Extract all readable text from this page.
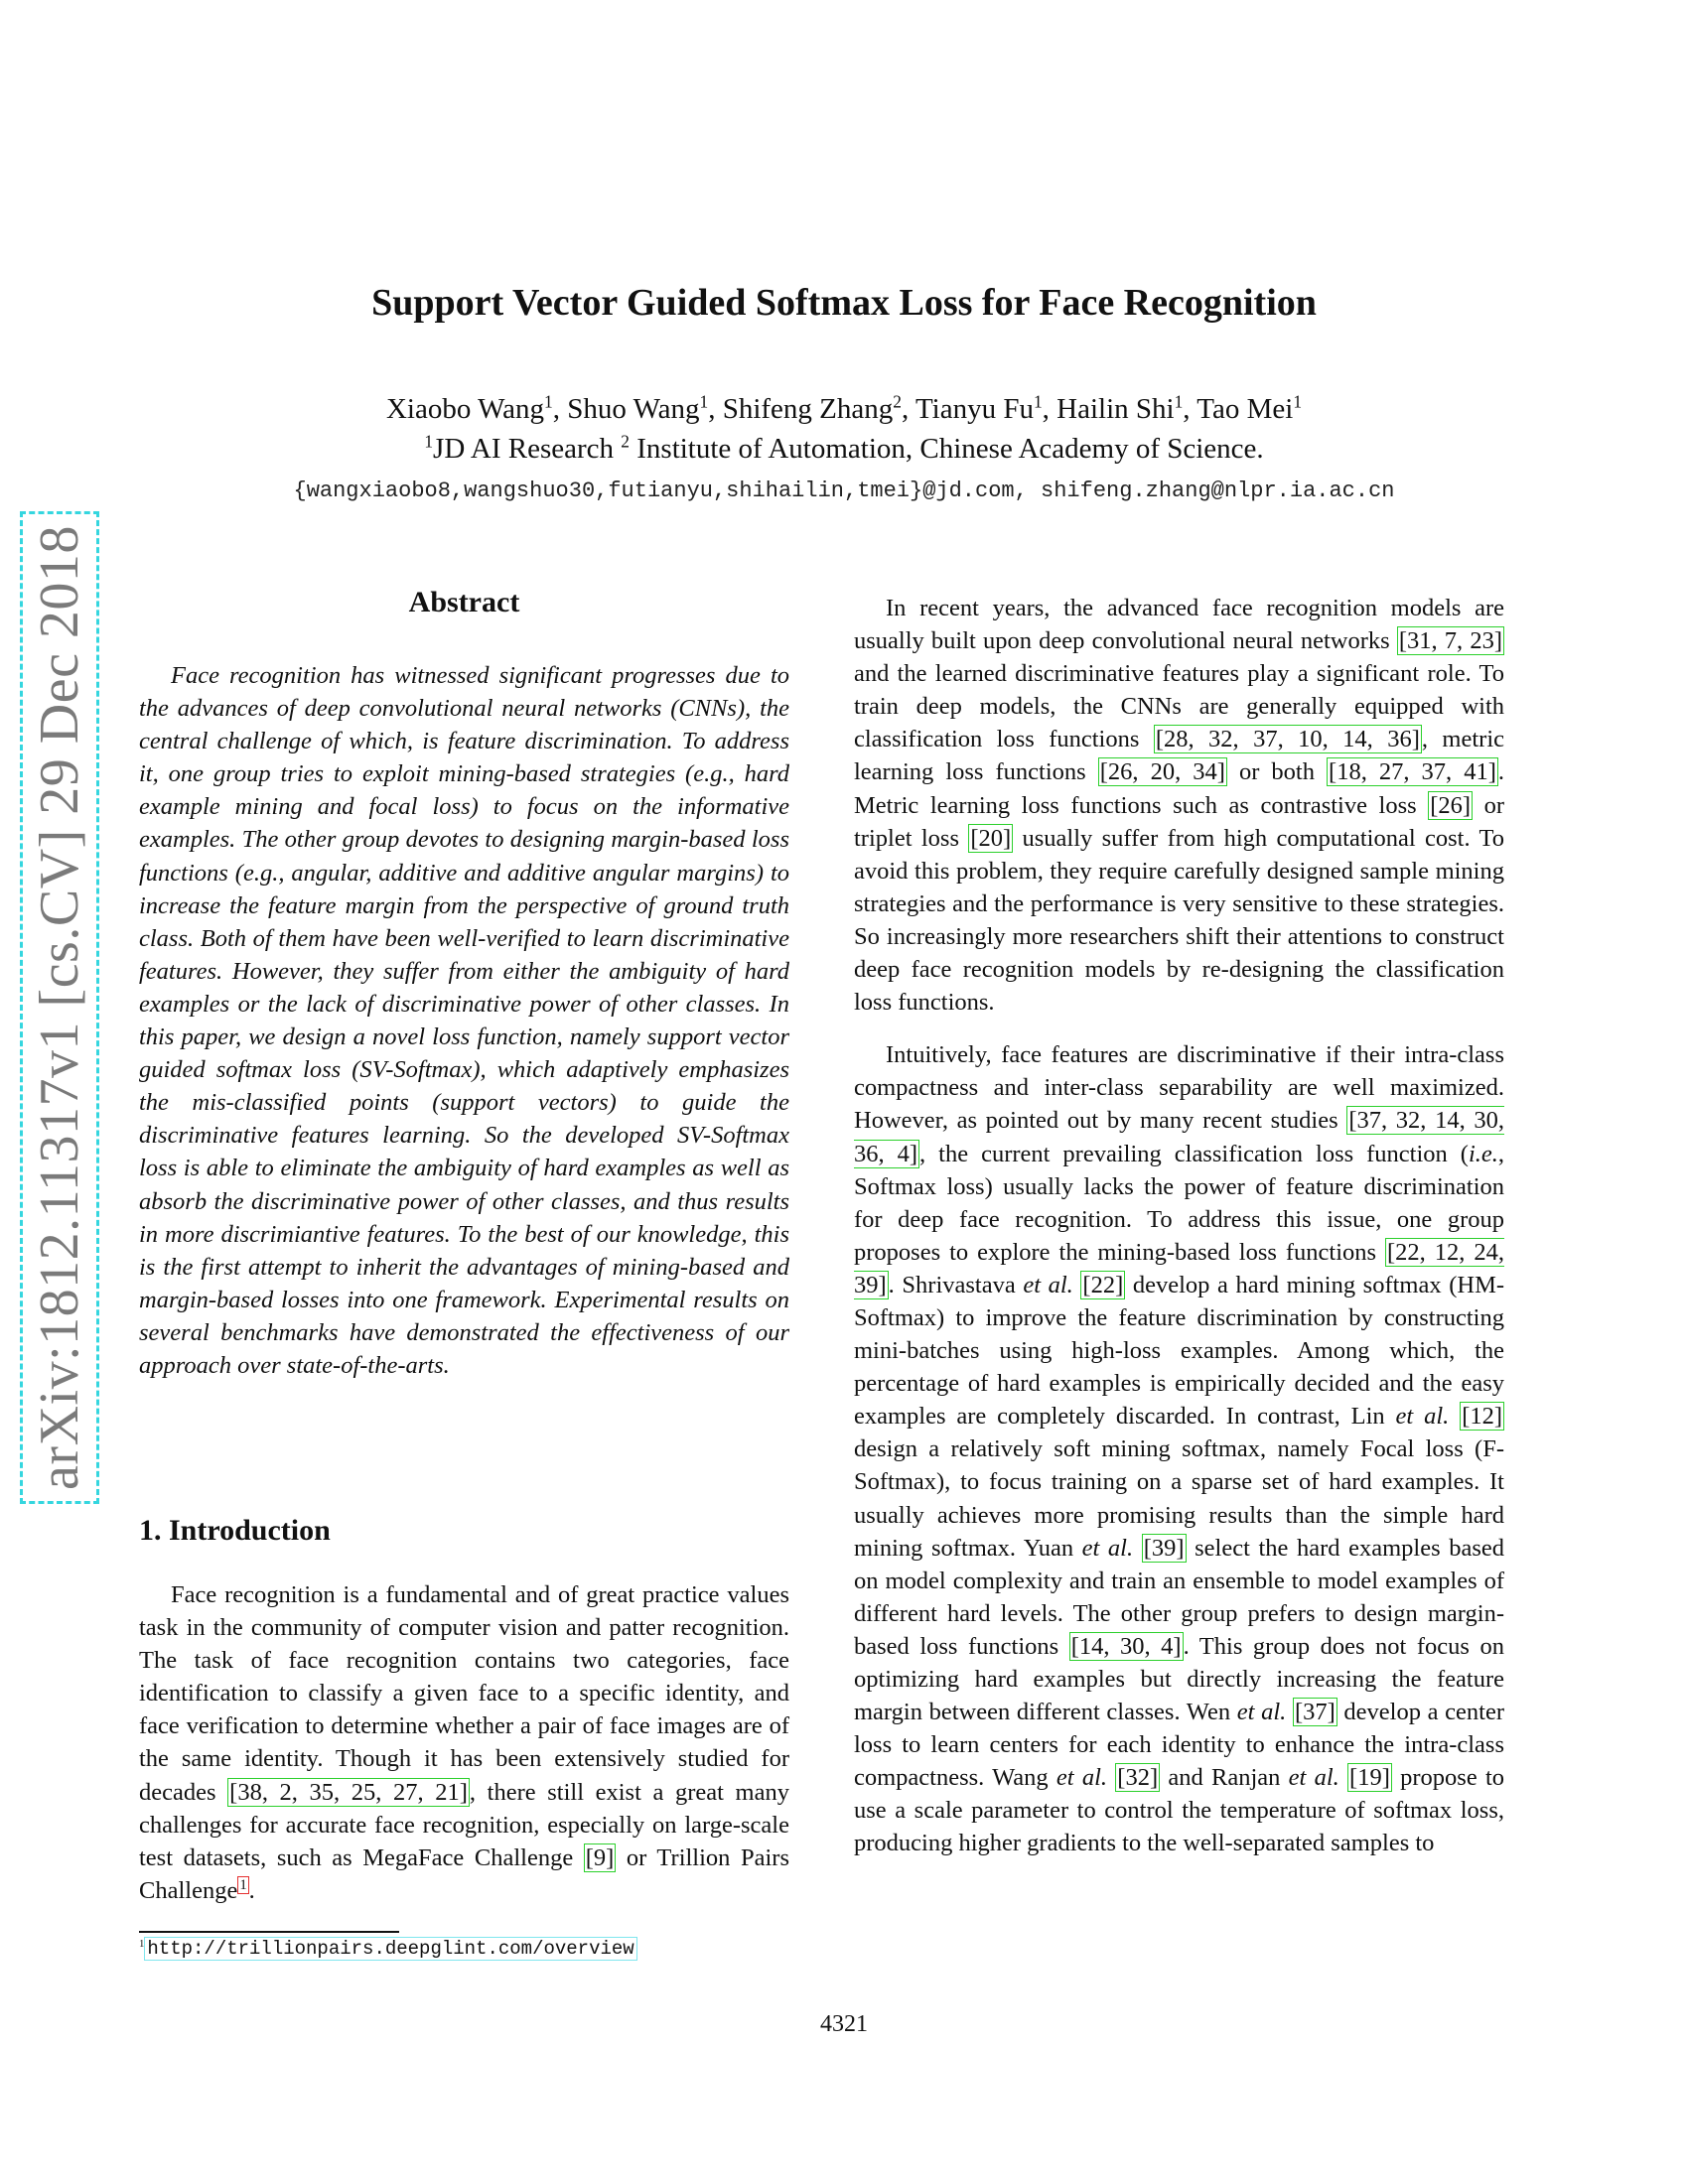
arXiv:1812.11317v1 [cs.CV] 29 Dec 2018
Support Vector Guided Softmax Loss for Face Recognition
Xiaobo Wang$^1$, Shuo Wang$^1$, Shifeng Zhang$^2$, Tianyu Fu$^1$, Hailin Shi$^1$, Tao Mei$^1$
$^1$JD AI Research $^2$ Institute of Automation, Chinese Academy of Science.
{wangxiaobo8,wangshuo30,futianyu,shihailin,tmei}@jd.com, shifeng.zhang@nlpr.ia.ac.cn
Abstract

Face recognition has witnessed significant progresses due to the advances of deep convolutional neural networks (CNNs), the central challenge of which, is feature discrimination. To address it, one group tries to exploit mining-based strategies (e.g., hard example mining and focal loss) to focus on the informative examples. The other group devotes to designing margin-based loss functions (e.g., angular, additive and additive angular margins) to increase the feature margin from the perspective of ground truth class. Both of them have been well-verified to learn discriminative features. However, they suffer from either the ambiguity of hard examples or the lack of discriminative power of other classes. In this paper, we design a novel loss function, namely support vector guided softmax loss (SV-Softmax), which adaptively emphasizes the mis-classified points (support vectors) to guide the discriminative features learning. So the developed SV-Softmax loss is able to eliminate the ambiguity of hard examples as well as absorb the discriminative power of other classes, and thus results in more discrimiantive features. To the best of our knowledge, this is the first attempt to inherit the advantages of mining-based and margin-based losses into one framework. Experimental results on several benchmarks have demonstrated the effectiveness of our approach over state-of-the-arts.

1. Introduction

Face recognition is a fundamental and of great practice values task in the community of computer vision and patter recognition. The task of face recognition contains two categories, face identification to classify a given face to a specific identity, and face verification to determine whether a pair of face images are of the same identity. Though it has been extensively studied for decades [38, 2, 35, 25, 27, 21], there still exist a great many challenges for accurate face recognition, especially on large-scale test datasets, such as MegaFace Challenge [9] or Trillion Pairs Challenge $^1$.

$^1$ http://trillionpairs.deepglint.com/overview

In recent years, the advanced face recognition models are usually built upon deep convolutional neural networks [31, 7, 23] and the learned discriminative features play a significant role. To train deep models, the CNNs are generally equipped with classification loss functions [28, 32, 37, 10, 14, 36], metric learning loss functions [26, 20, 34] or both [18, 27, 37, 41]. Metric learning loss functions such as contrastive loss [26] or triplet loss [20] usually suffer from high computational cost. To avoid this problem, they require carefully designed sample mining strategies and the performance is very sensitive to these strategies. So increasingly more researchers shift their attentions to construct deep face recognition models by re-designing the classification loss functions.

Intuitively, face features are discriminative if their intra-class compactness and inter-class separability are well maximized. However, as pointed out by many recent studies [37, 32, 14, 30, 36, 4], the current prevailing classification loss function (i.e., Softmax loss) usually lacks the power of feature discrimination for deep face recognition. To address this issue, one group proposes to explore the mining-based loss functions [22, 12, 24, 39]. Shrivastava et al. [22] develop a hard mining softmax (HM-Softmax) to improve the feature discrimination by constructing mini-batches using high-loss examples. Among which, the percentage of hard examples is empirically decided and the easy examples are completely discarded. In contrast, Lin et al. [12] design a relatively soft mining softmax, namely Focal loss (F-Softmax), to focus training on a sparse set of hard examples. It usually achieves more promising results than the simple hard mining softmax. Yuan et al. [39] select the hard examples based on model complexity and train an ensemble to model examples of different hard levels. The other group prefers to design margin-based loss functions [14, 30, 4]. This group does not focus on optimizing hard examples but directly increasing the feature margin between different classes. Wen et al. [37] develop a center loss to learn centers for each identity to enhance the intra-class compactness. Wang et al. [32] and Ranjan et al. [19] propose to use a scale parameter to control the temperature of softmax loss, producing higher gradients to the well-separated samples to

4321
